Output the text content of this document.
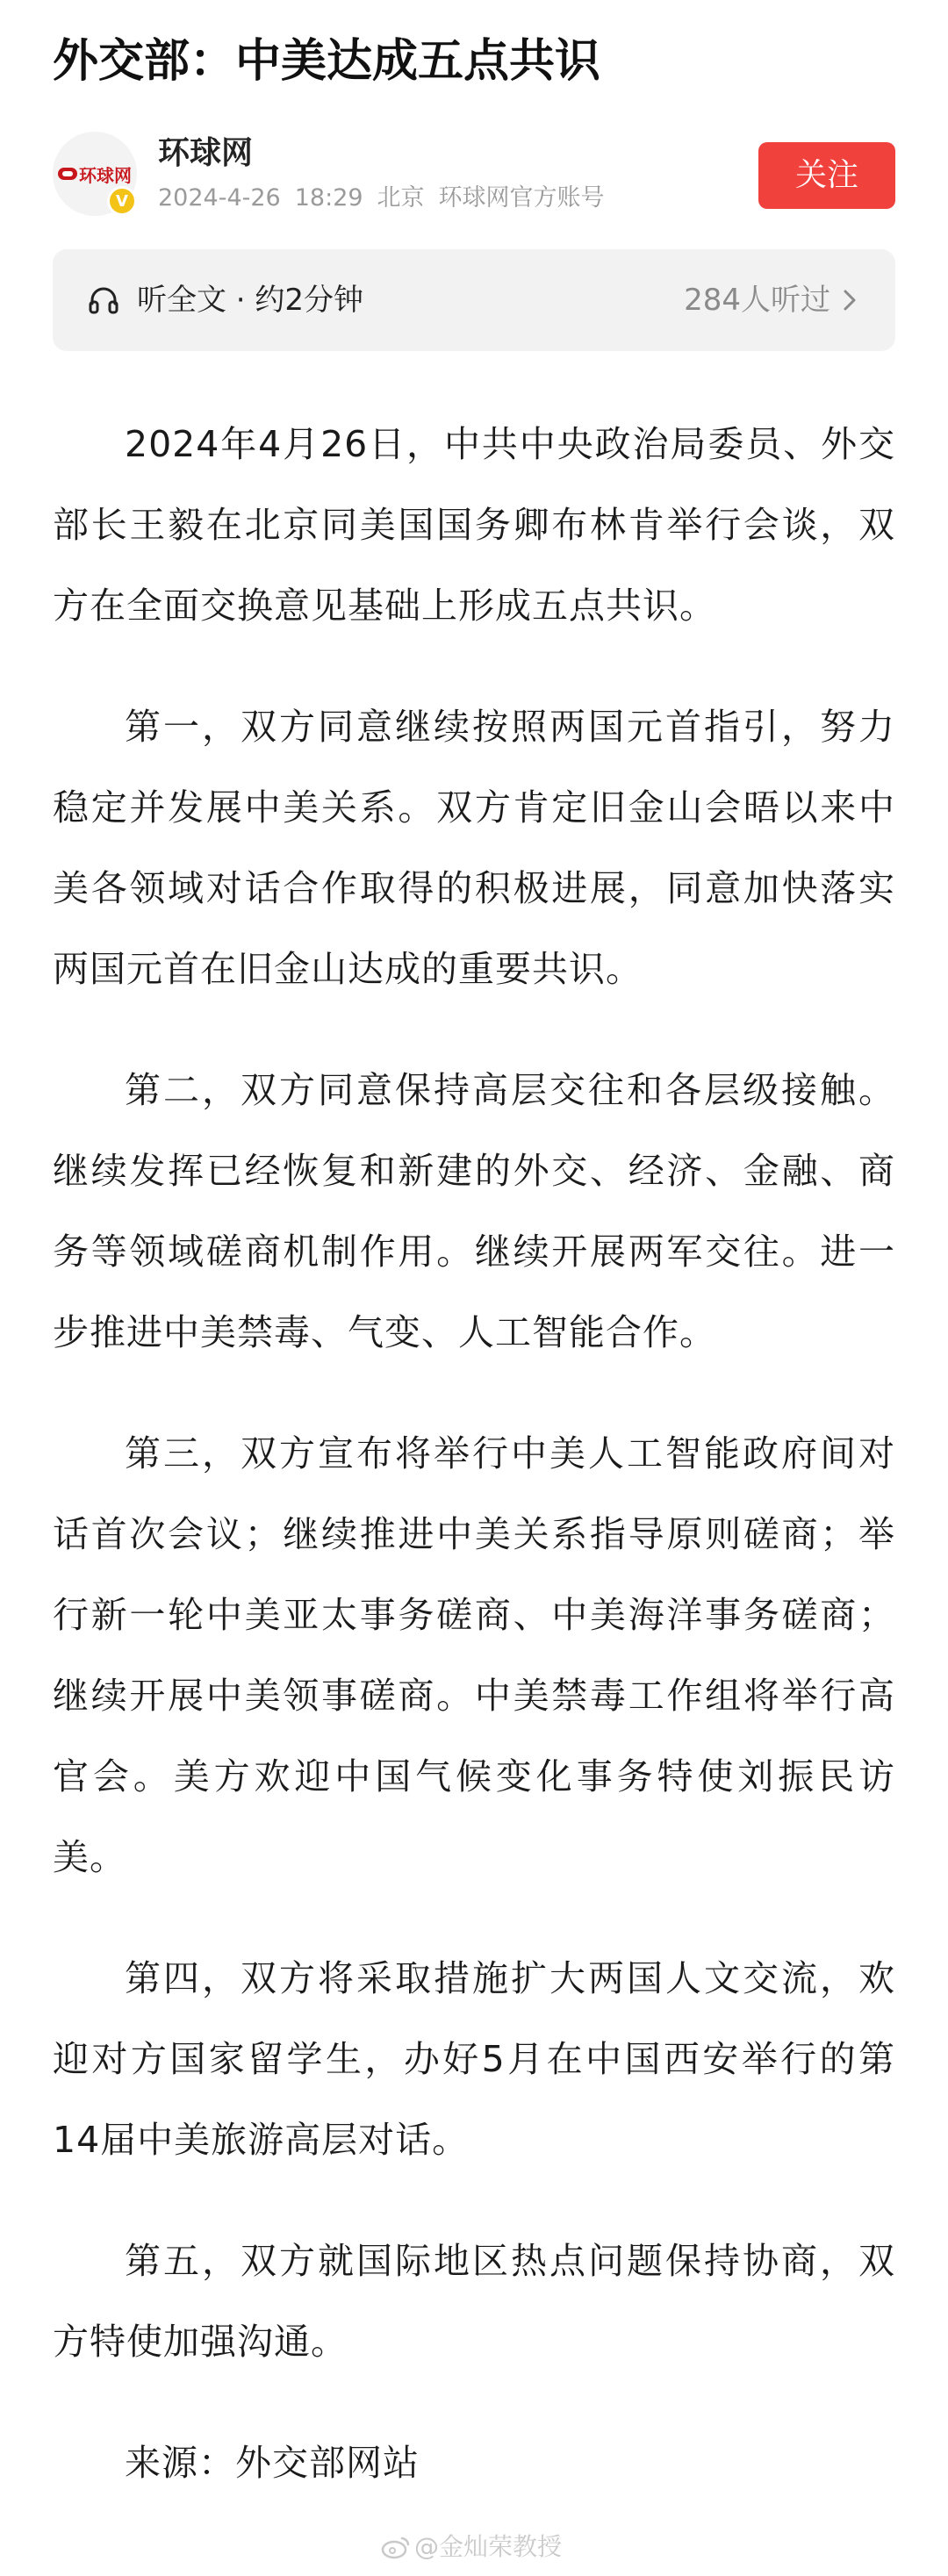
外交部：中美达成五点共识
环球网
V
环球网
2024-4-26 18:29 北京 环球网官方账号
关注
听全文 · 约2分钟	284人听过

2024年4月26日，中共中央政治局委员、外交部长王毅在北京同美国国务卿布林肯举行会谈，双方在全面交换意见基础上形成五点共识。

第一，双方同意继续按照两国元首指引，努力稳定并发展中美关系。双方肯定旧金山会晤以来中美各领域对话合作取得的积极进展，同意加快落实两国元首在旧金山达成的重要共识。

第二，双方同意保持高层交往和各层级接触。继续发挥已经恢复和新建的外交、经济、金融、商务等领域磋商机制作用。继续开展两军交往。进一步推进中美禁毒、气变、人工智能合作。

第三，双方宣布将举行中美人工智能政府间对话首次会议；继续推进中美关系指导原则磋商；举行新一轮中美亚太事务磋商、中美海洋事务磋商；继续开展中美领事磋商。中美禁毒工作组将举行高官会。美方欢迎中国气候变化事务特使刘振民访美。

第四，双方将采取措施扩大两国人文交流，欢迎对方国家留学生，办好5月在中国西安举行的第14届中美旅游高层对话。

第五，双方就国际地区热点问题保持协商，双方特使加强沟通。

来源：外交部网站

@金灿荣教授
